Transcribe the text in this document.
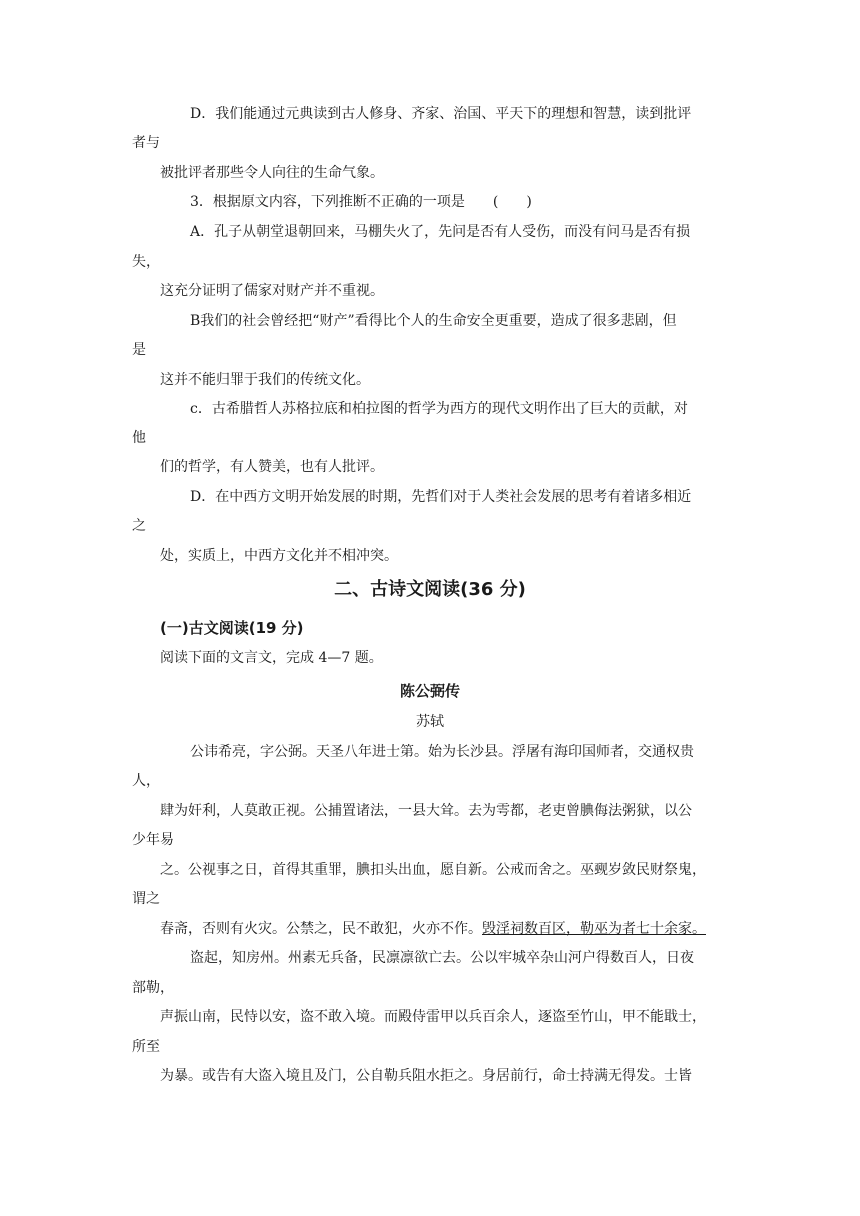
D．我们能通过元典读到古人修身、齐家、治国、平天下的理想和智慧，读到批评
者与
被批评者那些令人向往的生命气象。
3．根据原文内容，下列推断不正确的一项是　　(　　)
A．孔子从朝堂退朝回来，马棚失火了，先问是否有人受伤，而没有问马是否有损
失，
这充分证明了儒家对财产并不重视。
B我们的社会曾经把“财产”看得比个人的生命安全更重要，造成了很多悲剧，但
是
这并不能归罪于我们的传统文化。
c．古希腊哲人苏格拉底和柏拉图的哲学为西方的现代文明作出了巨大的贡献，对
他
们的哲学，有人赞美，也有人批评。
D．在中西方文明开始发展的时期，先哲们对于人类社会发展的思考有着诸多相近
之
处，实质上，中西方文化并不相冲突。
二、古诗文阅读(36 分)
(一)古文阅读(19 分)
阅读下面的文言文，完成 4—7 题。
陈公弼传
苏轼
公讳希亮，字公弼。天圣八年进士第。始为长沙县。浮屠有海印国师者，交通权贵
人，
肆为奸利，人莫敢正视。公捕置诸法，一县大耸。去为雩都，老吏曾腆侮法粥狱，以公
少年易
之。公视事之日，首得其重罪，腆扣头出血，愿自新。公戒而舍之。巫觋岁敛民财祭鬼，
谓之
春斋，否则有火灾。公禁之，民不敢犯，火亦不作。毁淫祠数百区，勒巫为者七十余家。
盗起，知房州。州素无兵备，民凛凛欲亡去。公以牢城卒杂山河户得数百人，日夜
部勒，
声振山南，民恃以安，盗不敢入境。而殿侍雷甲以兵百余人，逐盗至竹山，甲不能戢士，
所至
为暴。或告有大盗入境且及门，公自勒兵阻水拒之。身居前行，命士持满无得发。士皆
